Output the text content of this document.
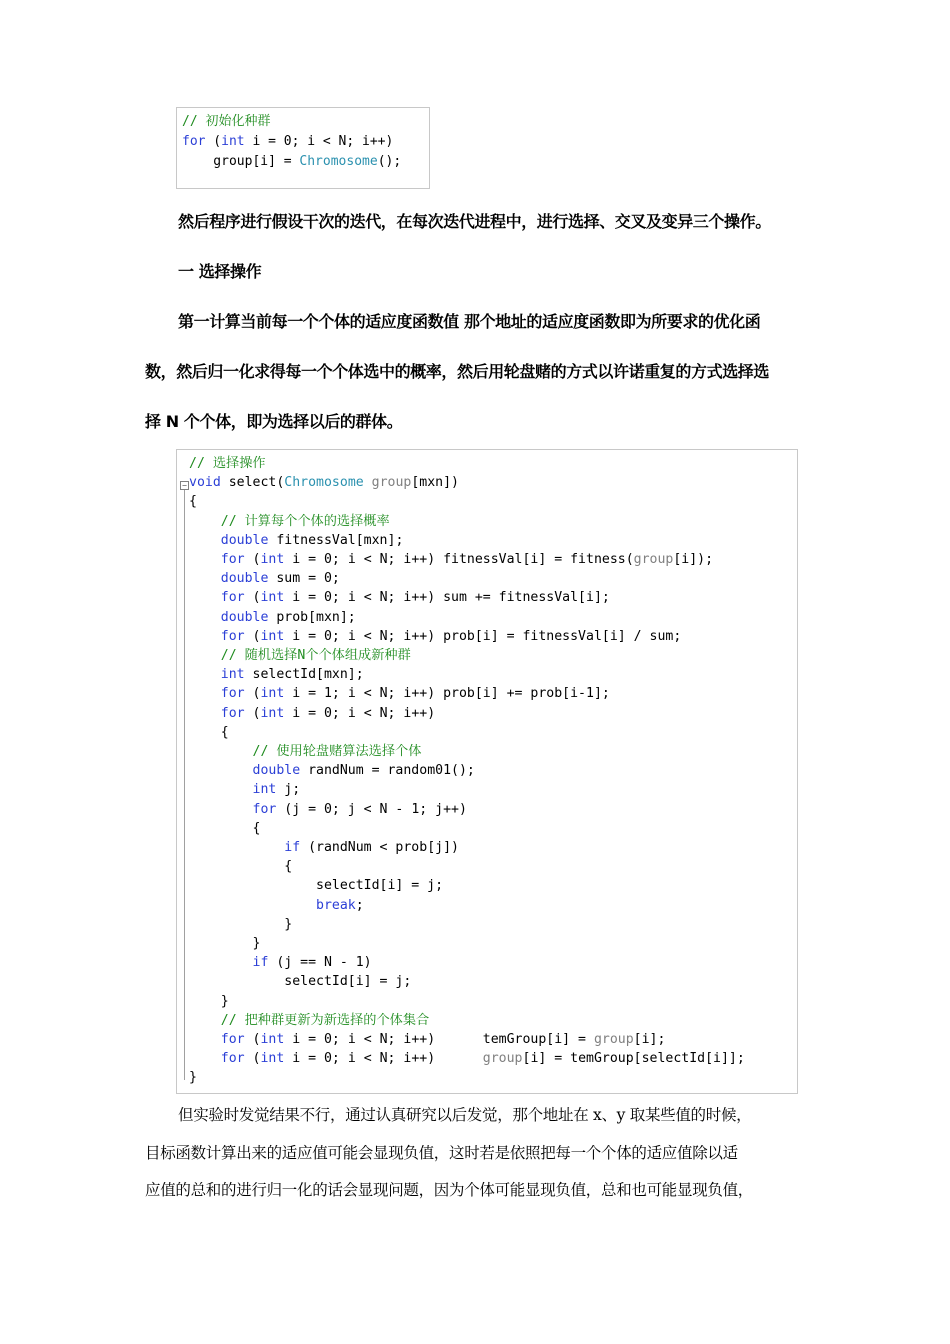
// 初始化种群
for (int i = 0; i < N; i++)
group[i] = Chromosome();
然后程序进行假设干次的迭代，在每次迭代进程中，进行选择、交叉及变异三个操作。
一 选择操作
第一计算当前每一个个体的适应度函数值 那个地址的适应度函数即为所要求的优化函
数，然后归一化求得每一个个体选中的概率，然后用轮盘赌的方式以许诺重复的方式选择选
择 N 个个体，即为选择以后的群体。

−

// 选择操作
void select(Chromosome group[mxn])
{
// 计算每个个体的选择概率
double fitnessVal[mxn];
for (int i = 0; i < N; i++) fitnessVal[i] = fitness(group[i]);
double sum = 0;
for (int i = 0; i < N; i++) sum += fitnessVal[i];
double prob[mxn];
for (int i = 0; i < N; i++) prob[i] = fitnessVal[i] / sum;
// 随机选择N个个体组成新种群
int selectId[mxn];
for (int i = 1; i < N; i++) prob[i] += prob[i-1];
for (int i = 0; i < N; i++)
{
// 使用轮盘赌算法选择个体
double randNum = random01();
int j;
for (j = 0; j < N - 1; j++)
{
if (randNum < prob[j])
{
selectId[i] = j;
break;
}
}
if (j == N - 1)
selectId[i] = j;
}
// 把种群更新为新选择的个体集合
for (int i = 0; i < N; i++)      temGroup[i] = group[i];
for (int i = 0; i < N; i++)      group[i] = temGroup[selectId[i]];
}
但实验时发觉结果不行，通过认真研究以后发觉，那个地址在 x、y 取某些值的时候，
目标函数计算出来的适应值可能会显现负值，这时若是依照把每一个个体的适应值除以适
应值的总和的进行归一化的话会显现问题，因为个体可能显现负值，总和也可能显现负值，
